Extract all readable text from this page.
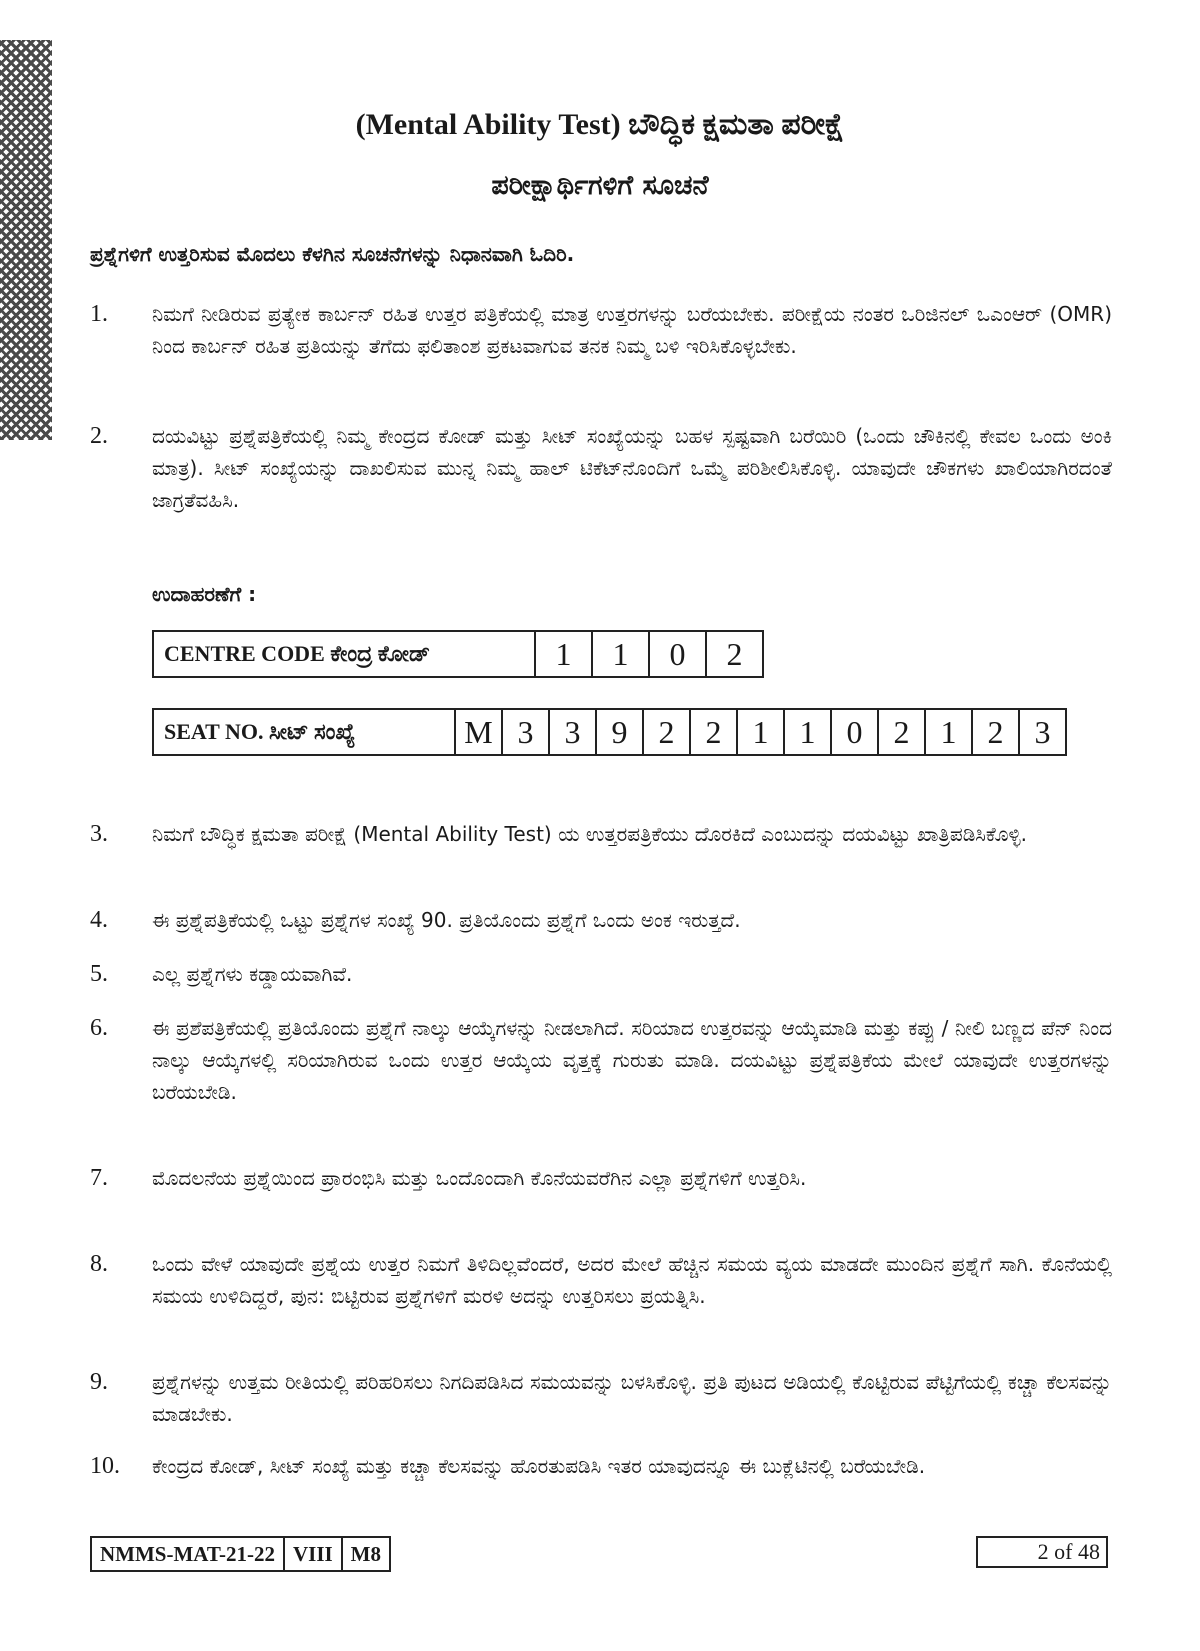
(Mental Ability Test) ಬೌದ್ಧಿಕ ಕ್ಷಮತಾ ಪರೀಕ್ಷೆ
ಪರೀಕ್ಷಾರ್ಥಿಗಳಿಗೆ ಸೂಚನೆ
ಪ್ರಶ್ನೆಗಳಿಗೆ ಉತ್ತರಿಸುವ ಮೊದಲು ಕೆಳಗಿನ ಸೂಚನೆಗಳನ್ನು ನಿಧಾನವಾಗಿ ಓದಿರಿ.
1.	ನಿಮಗೆ ನೀಡಿರುವ ಪ್ರತ್ಯೇಕ ಕಾರ್ಬನ್ ರಹಿತ ಉತ್ತರ ಪತ್ರಿಕೆಯಲ್ಲಿ ಮಾತ್ರ ಉತ್ತರಗಳನ್ನು ಬರೆಯಬೇಕು. ಪರೀಕ್ಷೆಯ ನಂತರ ಒರಿಜಿನಲ್ ಒಎಂಆರ್ (OMR) ನಿಂದ ಕಾರ್ಬನ್ ರಹಿತ ಪ್ರತಿಯನ್ನು ತೆಗೆದು ಫಲಿತಾಂಶ ಪ್ರಕಟವಾಗುವ ತನಕ ನಿಮ್ಮ ಬಳಿ ಇರಿಸಿಕೊಳ್ಳಬೇಕು.
2.	ದಯವಿಟ್ಟು ಪ್ರಶ್ನೆಪತ್ರಿಕೆಯಲ್ಲಿ ನಿಮ್ಮ ಕೇಂದ್ರದ ಕೋಡ್ ಮತ್ತು ಸೀಟ್ ಸಂಖ್ಯೆಯನ್ನು ಬಹಳ ಸ್ಪಷ್ಟವಾಗಿ ಬರೆಯಿರಿ (ಒಂದು ಚೌಕಿನಲ್ಲಿ ಕೇವಲ ಒಂದು ಅಂಕಿ ಮಾತ್ರ). ಸೀಟ್ ಸಂಖ್ಯೆಯನ್ನು ದಾಖಲಿಸುವ ಮುನ್ನ ನಿಮ್ಮ ಹಾಲ್ ಟಿಕೆಟ್‌ನೊಂದಿಗೆ ಒಮ್ಮೆ ಪರಿಶೀಲಿಸಿಕೊಳ್ಳಿ. ಯಾವುದೇ ಚೌಕಗಳು ಖಾಲಿಯಾಗಿರದಂತೆ ಜಾಗ್ರತೆವಹಿಸಿ.
ಉದಾಹರಣೆಗೆ :
CENTRE CODE ಕೇಂದ್ರ ಕೋಡ್	1	1	0	2
SEAT NO. ಸೀಟ್ ಸಂಖ್ಯೆ	M	3	3	9	2	2	1	1	0	2	1	2	3
3.	ನಿಮಗೆ ಬೌದ್ಧಿಕ ಕ್ಷಮತಾ ಪರೀಕ್ಷೆ (Mental Ability Test) ಯ ಉತ್ತರಪತ್ರಿಕೆಯು ದೊರಕಿದೆ ಎಂಬುದನ್ನು ದಯವಿಟ್ಟು ಖಾತ್ರಿಪಡಿಸಿಕೊಳ್ಳಿ.
4.	ಈ ಪ್ರಶ್ನೆಪತ್ರಿಕೆಯಲ್ಲಿ ಒಟ್ಟು ಪ್ರಶ್ನೆಗಳ ಸಂಖ್ಯೆ 90. ಪ್ರತಿಯೊಂದು ಪ್ರಶ್ನೆಗೆ ಒಂದು ಅಂಕ ಇರುತ್ತದೆ.
5.	ಎಲ್ಲ ಪ್ರಶ್ನೆಗಳು ಕಡ್ಡಾಯವಾಗಿವೆ.
6.	ಈ ಪ್ರಶೆಪತ್ರಿಕೆಯಲ್ಲಿ ಪ್ರತಿಯೊಂದು ಪ್ರಶ್ನೆಗೆ ನಾಲ್ಕು ಆಯ್ಕೆಗಳನ್ನು ನೀಡಲಾಗಿದೆ. ಸರಿಯಾದ ಉತ್ತರವನ್ನು ಆಯ್ಕೆಮಾಡಿ ಮತ್ತು ಕಪ್ಪು / ನೀಲಿ ಬಣ್ಣದ ಪೆನ್ ನಿಂದ ನಾಲ್ಕು ಆಯ್ಕೆಗಳಲ್ಲಿ ಸರಿಯಾಗಿರುವ ಒಂದು ಉತ್ತರ ಆಯ್ಕೆಯ ವೃತ್ತಕ್ಕೆ ಗುರುತು ಮಾಡಿ. ದಯವಿಟ್ಟು ಪ್ರಶ್ನೆಪತ್ರಿಕೆಯ ಮೇಲೆ ಯಾವುದೇ ಉತ್ತರಗಳನ್ನು ಬರೆಯಬೇಡಿ.
7.	ಮೊದಲನೆಯ ಪ್ರಶ್ನೆಯಿಂದ ಪ್ರಾರಂಭಿಸಿ ಮತ್ತು ಒಂದೊಂದಾಗಿ ಕೊನೆಯವರೆಗಿನ ಎಲ್ಲಾ ಪ್ರಶ್ನೆಗಳಿಗೆ ಉತ್ತರಿಸಿ.
8.	ಒಂದು ವೇಳೆ ಯಾವುದೇ ಪ್ರಶ್ನೆಯ ಉತ್ತರ ನಿಮಗೆ ತಿಳಿದಿಲ್ಲವೆಂದರೆ, ಅದರ ಮೇಲೆ ಹೆಚ್ಚಿನ ಸಮಯ ವ್ಯಯ ಮಾಡದೇ ಮುಂದಿನ ಪ್ರಶ್ನೆಗೆ ಸಾಗಿ. ಕೊನೆಯಲ್ಲಿ ಸಮಯ ಉಳಿದಿದ್ದರೆ, ಪುನ: ಬಿಟ್ಟಿರುವ ಪ್ರಶ್ನೆಗಳಿಗೆ ಮರಳಿ ಅದನ್ನು ಉತ್ತರಿಸಲು ಪ್ರಯತ್ನಿಸಿ.
9.	ಪ್ರಶ್ನೆಗಳನ್ನು ಉತ್ತಮ ರೀತಿಯಲ್ಲಿ ಪರಿಹರಿಸಲು ನಿಗದಿಪಡಿಸಿದ ಸಮಯವನ್ನು ಬಳಸಿಕೊಳ್ಳಿ. ಪ್ರತಿ ಪುಟದ ಅಡಿಯಲ್ಲಿ ಕೊಟ್ಟಿರುವ ಪೆಟ್ಟಿಗೆಯಲ್ಲಿ ಕಚ್ಚಾ ಕೆಲಸವನ್ನು ಮಾಡಬೇಕು.
10.	ಕೇಂದ್ರದ ಕೋಡ್, ಸೀಟ್ ಸಂಖ್ಯೆ ಮತ್ತು ಕಚ್ಚಾ ಕೆಲಸವನ್ನು ಹೊರತುಪಡಿಸಿ ಇತರ ಯಾವುದನ್ನೂ ಈ ಬುಕ್ಲೆಟಿನಲ್ಲಿ ಬರೆಯಬೇಡಿ.
NMMS-MAT-21-22	VIII	M8	2 of 48
